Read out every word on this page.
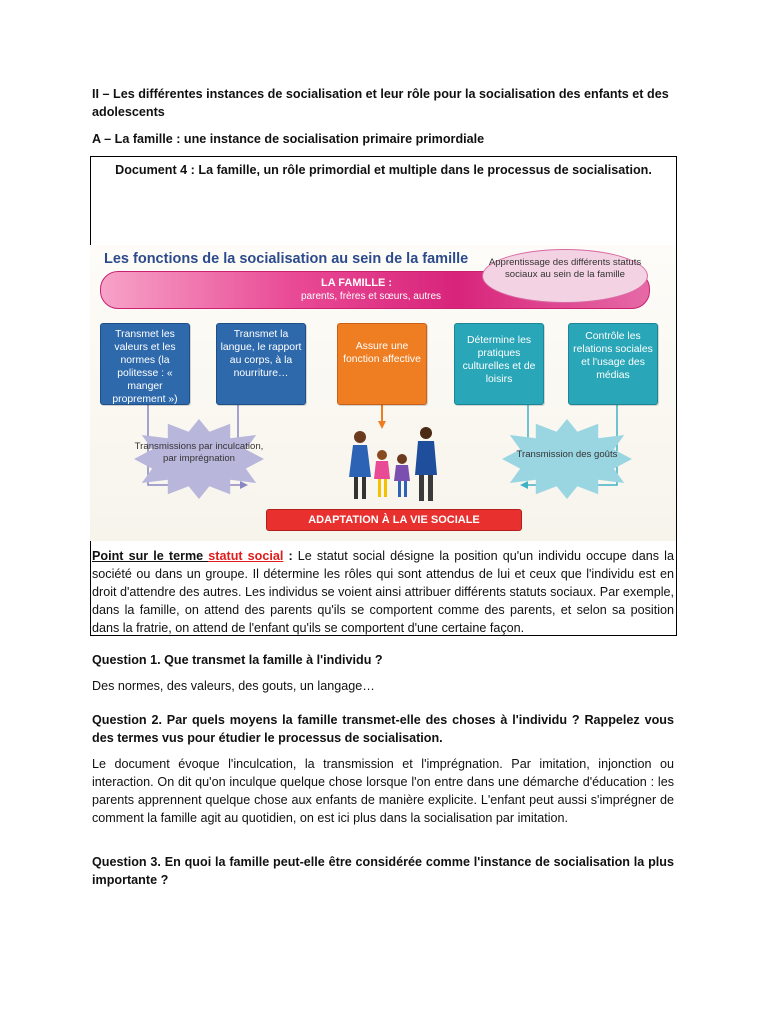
II – Les différentes instances de socialisation et leur rôle pour la socialisation des enfants et des adolescents
A – La famille : une instance de socialisation primaire primordiale
Document 4 : La famille, un rôle primordial et multiple dans le processus de socialisation.
Les fonctions de la socialisation au sein de la famille
LA FAMILLE :
parents, frères et sœurs, autres
Apprentissage des différents statuts sociaux au sein de la famille
Transmet les valeurs et les normes (la politesse : « manger proprement »)
Transmet la langue, le rapport au corps, à la nourriture…
Assure une fonction affective
Détermine les pratiques culturelles et de loisirs
Contrôle les relations sociales et l'usage des médias
Transmissions par inculcation, par imprégnation	Transmission des goûts
ADAPTATION À LA VIE SOCIALE
Point sur le terme statut social : Le statut social désigne la position qu'un individu occupe dans la société ou dans un groupe. Il détermine les rôles qui sont attendus de lui et ceux que l'individu est en droit d'attendre des autres. Les individus se voient ainsi attribuer différents statuts sociaux. Par exemple, dans la famille, on attend des parents qu'ils se comportent comme des parents, et selon sa position dans la fratrie, on attend de l'enfant qu'ils se comportent d'une certaine façon.
Question 1. Que transmet la famille à l'individu ?
Des normes, des valeurs, des gouts, un langage…
Question 2. Par quels moyens la famille transmet-elle des choses à l'individu ? Rappelez vous des termes vus pour étudier le processus de socialisation.
Le document évoque l'inculcation, la transmission et l'imprégnation. Par imitation, injonction ou interaction. On dit qu'on inculque quelque chose lorsque l'on entre dans une démarche d'éducation : les parents apprennent quelque chose aux enfants de manière explicite. L'enfant peut aussi s'imprégner de comment la famille agit au quotidien, on est ici plus dans la socialisation par imitation.
Question 3. En quoi la famille peut-elle être considérée comme l'instance de socialisation la plus importante ?
